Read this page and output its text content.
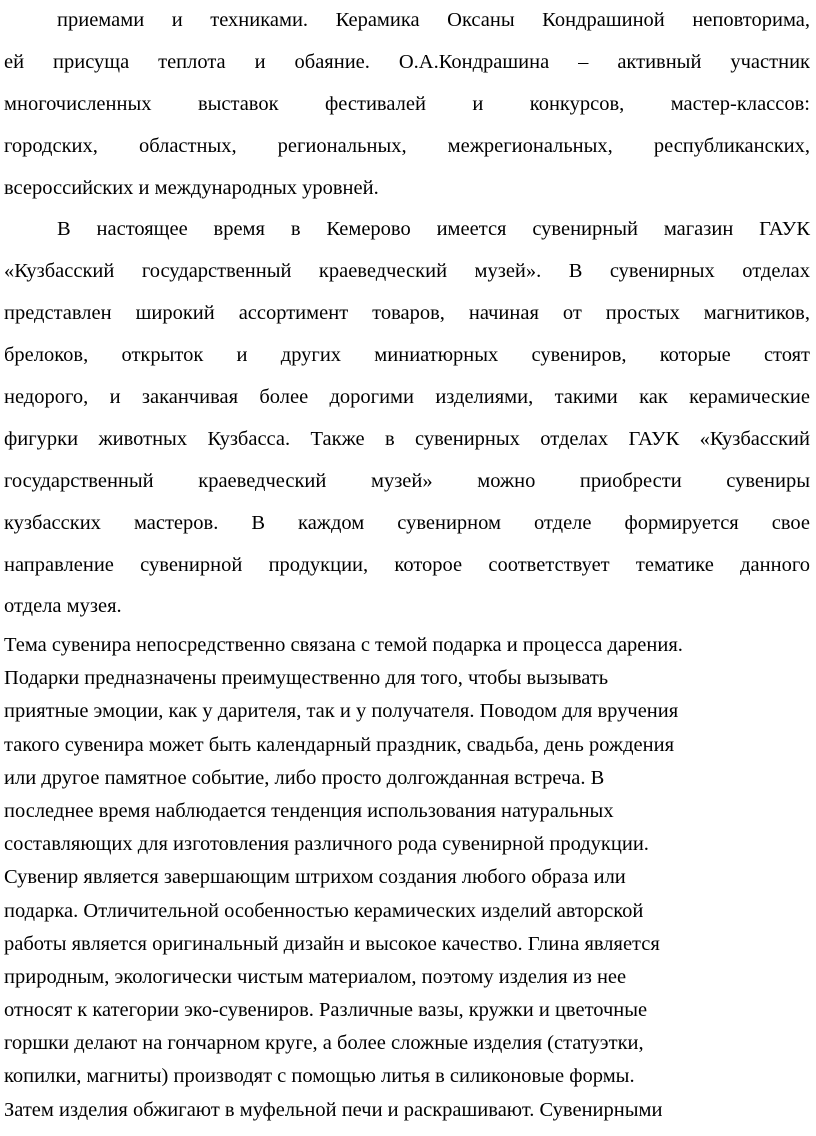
приемами и техниками. Керамика Оксаны Кондрашиной неповторима,
ей присуща теплота и обаяние. О.А.Кондрашина – активный участник
многочисленных выставок фестивалей и конкурсов, мастер-классов:
городских, областных, региональных, межрегиональных, республиканских,
всероссийских и международных уровней.
В настоящее время в Кемерово имеется сувенирный магазин ГАУК
«Кузбасский государственный краеведческий музей». В сувенирных отделах
представлен широкий ассортимент товаров, начиная от простых магнитиков,
брелоков, открыток и других миниатюрных сувениров, которые стоят
недорого, и заканчивая более дорогими изделиями, такими как керамические
фигурки животных Кузбасса. Также в сувенирных отделах ГАУК «Кузбасский
государственный краеведческий музей» можно приобрести сувениры
кузбасских мастеров. В каждом сувенирном отделе формируется свое
направление сувенирной продукции, которое соответствует тематике данного
отдела музея.
Тема сувенира непосредственно связана с темой подарка и процесса дарения.
Подарки предназначены преимущественно для того, чтобы вызывать
приятные эмоции, как у дарителя, так и у получателя. Поводом для вручения
такого сувенира может быть календарный праздник, свадьба, день рождения
или другое памятное событие, либо просто долгожданная встреча. В
последнее время наблюдается тенденция использования натуральных
составляющих для изготовления различного рода сувенирной продукции.
Сувенир является завершающим штрихом создания любого образа или
подарка. Отличительной особенностью керамических изделий авторской
работы является оригинальный дизайн и высокое качество. Глина является
природным, экологически чистым материалом, поэтому изделия из нее
относят к категории эко-сувениров. Различные вазы, кружки и цветочные
горшки делают на гончарном круге, а более сложные изделия (статуэтки,
копилки, магниты) производят с помощью литья в силиконовые формы.
Затем изделия обжигают в муфельной печи и раскрашивают. Сувенирными
